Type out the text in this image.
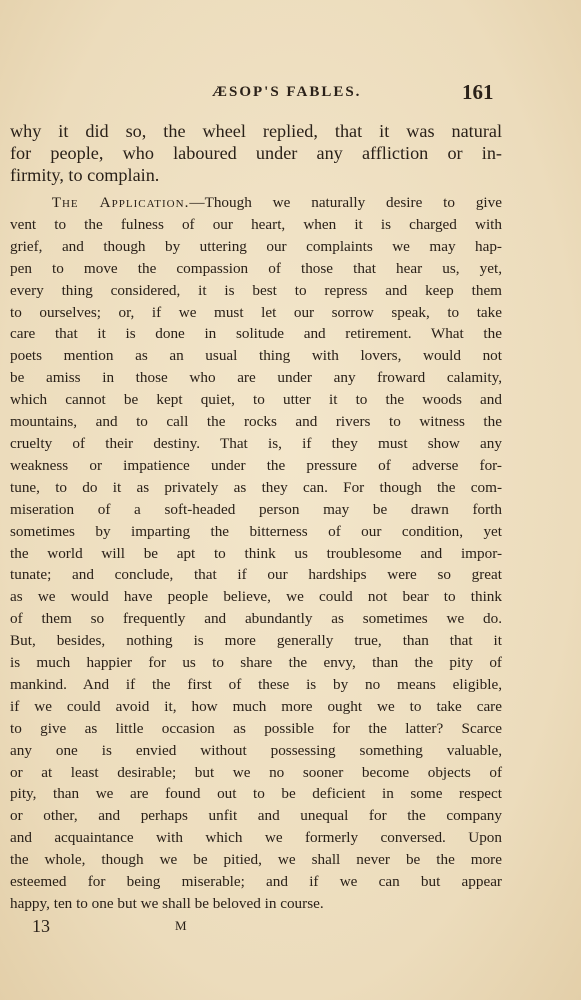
ÆSOP'S FABLES.	161
why it did so, the wheel replied, that it was natural
for people, who laboured under any affliction or in-
firmity, to complain.
The Application.—Though we naturally desire to give
vent to the fulness of our heart, when it is charged with
grief, and though by uttering our complaints we may hap-
pen to move the compassion of those that hear us, yet,
every thing considered, it is best to repress and keep them
to ourselves; or, if we must let our sorrow speak, to take
care that it is done in solitude and retirement. What the
poets mention as an usual thing with lovers, would not
be amiss in those who are under any froward calamity,
which cannot be kept quiet, to utter it to the woods and
mountains, and to call the rocks and rivers to witness the
cruelty of their destiny. That is, if they must show any
weakness or impatience under the pressure of adverse for-
tune, to do it as privately as they can. For though the com-
miseration of a soft-headed person may be drawn forth
sometimes by imparting the bitterness of our condition, yet
the world will be apt to think us troublesome and impor-
tunate; and conclude, that if our hardships were so great
as we would have people believe, we could not bear to think
of them so frequently and abundantly as sometimes we do.
But, besides, nothing is more generally true, than that it
is much happier for us to share the envy, than the pity of
mankind. And if the first of these is by no means eligible,
if we could avoid it, how much more ought we to take care
to give as little occasion as possible for the latter? Scarce
any one is envied without possessing something valuable,
or at least desirable; but we no sooner become objects of
pity, than we are found out to be deficient in some respect
or other, and perhaps unfit and unequal for the company
and acquaintance with which we formerly conversed. Upon
the whole, though we be pitied, we shall never be the more
esteemed for being miserable; and if we can but appear
happy, ten to one but we shall be beloved in course.
13	M
